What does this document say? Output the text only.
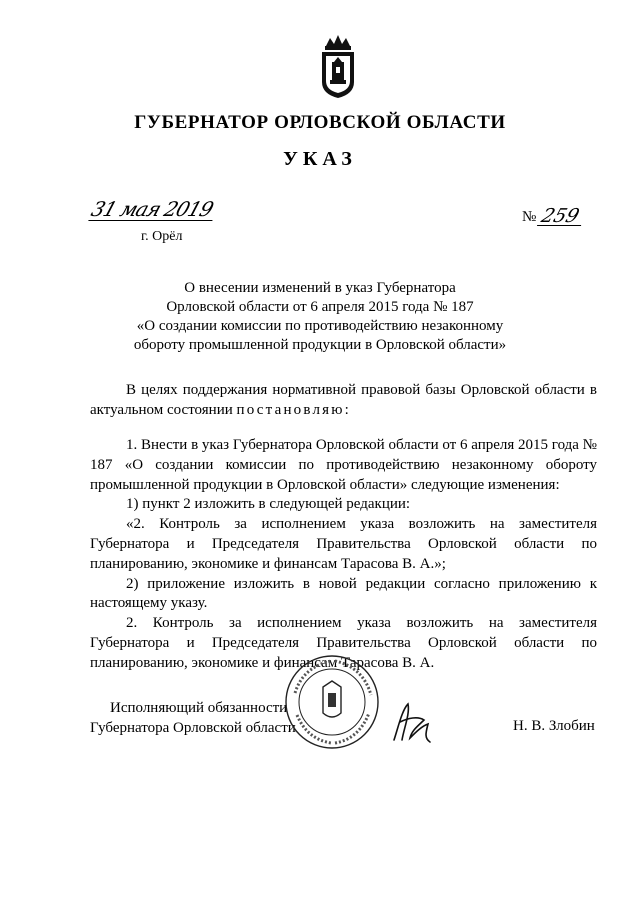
ГУБЕРНАТОР ОРЛОВСКОЙ ОБЛАСТИ
УКАЗ
31 мая 2019
г. Орёл
№ 259
О внесении изменений в указ Губернатора
Орловской области от 6 апреля 2015 года № 187
«О создании комиссии по противодействию незаконному
обороту промышленной продукции в Орловской области»

В целях поддержания нормативной правовой базы Орловской области в актуальном состоянии постановляю:

1. Внести в указ Губернатора Орловской области от 6 апреля 2015 года № 187 «О создании комиссии по противодействию незаконному обороту промышленной продукции в Орловской области» следующие изменения:

1) пункт 2 изложить в следующей редакции:

«2. Контроль за исполнением указа возложить на заместителя Губернатора и Председателя Правительства Орловской области по планированию, экономике и финансам Тарасова В. А.»;

2) приложение изложить в новой редакции согласно приложению к настоящему указу.

2. Контроль за исполнением указа возложить на заместителя Губернатора и Председателя Правительства Орловской области по планированию, экономике и финансам Тарасова В. А.

Исполняющий обязанности
Губернатора Орловской области	Н. В. Злобин
